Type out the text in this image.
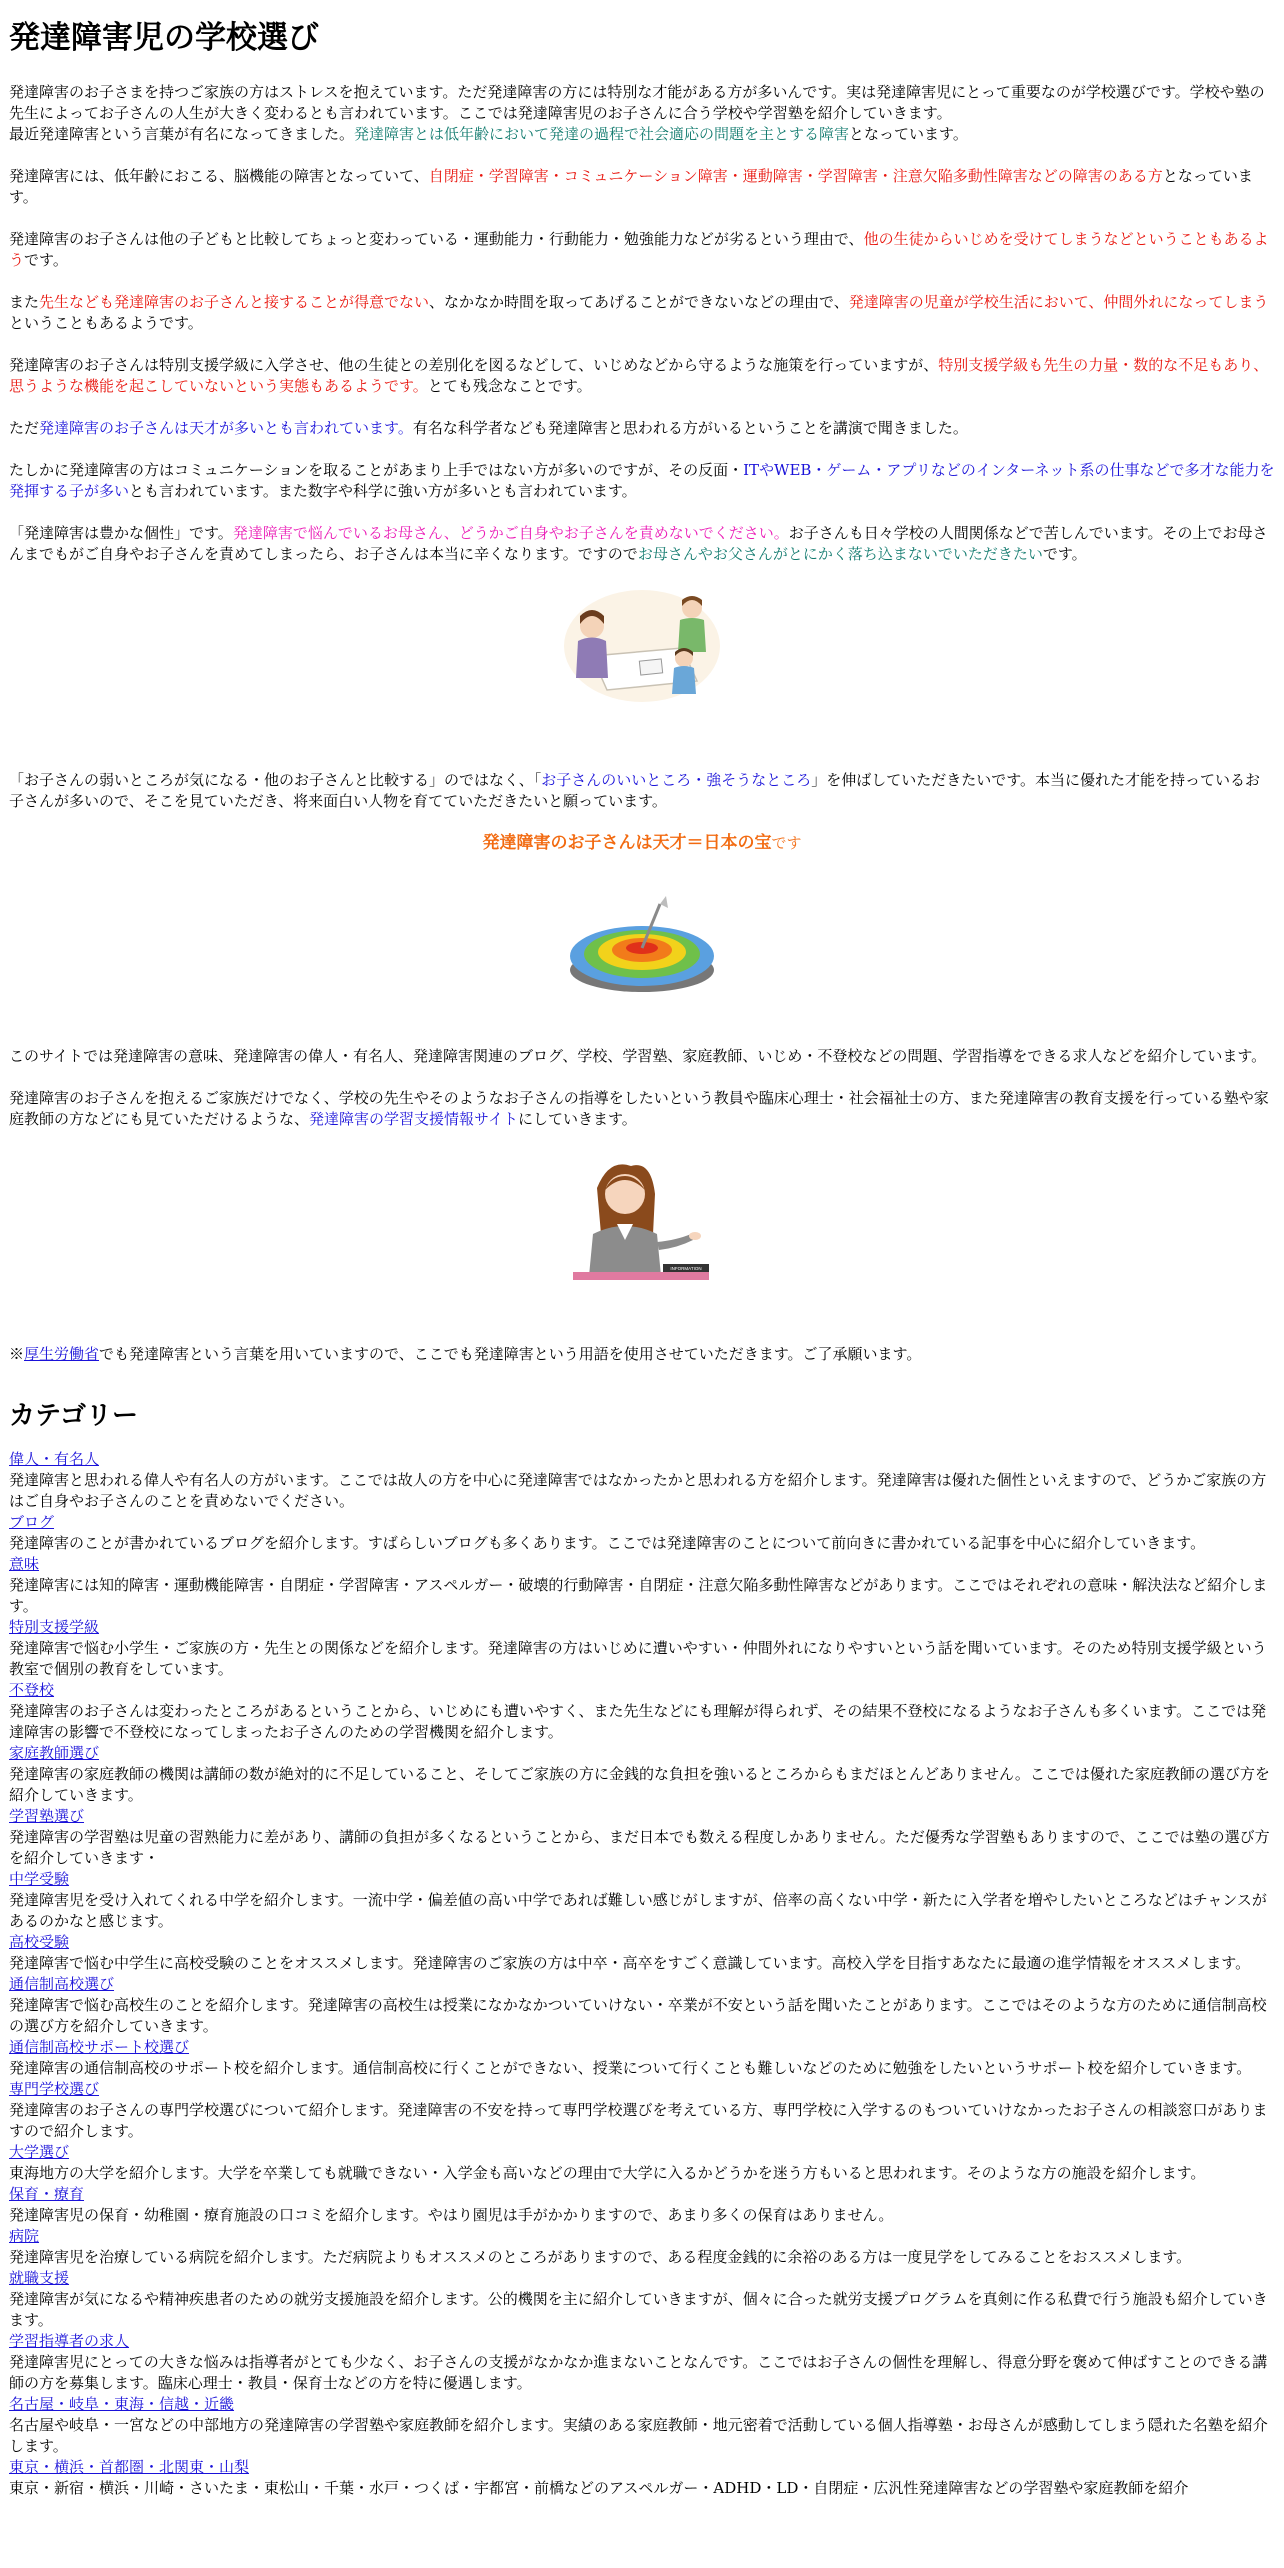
発達障害児の学校選び

発達障害のお子さまを持つご家族の方はストレスを抱えています。ただ発達障害の方には特別な才能がある方が多いんです。実は発達障害児にとって重要なのが学校選びです。学校や塾の先生によってお子さんの人生が大きく変わるとも言われています。ここでは発達障害児のお子さんに合う学校や学習塾を紹介していきます。
最近発達障害という言葉が有名になってきました。発達障害とは低年齢において発達の過程で社会適応の問題を主とする障害となっています。

発達障害には、低年齢におこる、脳機能の障害となっていて、自閉症・学習障害・コミュニケーション障害・運動障害・学習障害・注意欠陥多動性障害などの障害のある方となっています。

発達障害のお子さんは他の子どもと比較してちょっと変わっている・運動能力・行動能力・勉強能力などが劣るという理由で、他の生徒からいじめを受けてしまうなどということもあるようです。

また先生なども発達障害のお子さんと接することが得意でない、なかなか時間を取ってあげることができないなどの理由で、発達障害の児童が学校生活において、仲間外れになってしまうということもあるようです。

発達障害のお子さんは特別支援学級に入学させ、他の生徒との差別化を図るなどして、いじめなどから守るような施策を行っていますが、特別支援学級も先生の力量・数的な不足もあり、思うような機能を起こしていないという実態もあるようです。とても残念なことです。

ただ発達障害のお子さんは天才が多いとも言われています。有名な科学者なども発達障害と思われる方がいるということを講演で聞きました。

たしかに発達障害の方はコミュニケーションを取ることがあまり上手ではない方が多いのですが、その反面・ITやWEB・ゲーム・アプリなどのインターネット系の仕事などで多才な能力を発揮する子が多いとも言われています。また数字や科学に強い方が多いとも言われています。

「発達障害は豊かな個性」です。発達障害で悩んでいるお母さん、どうかご自身やお子さんを責めないでください。お子さんも日々学校の人間関係などで苦しんでいます。その上でお母さんまでもがご自身やお子さんを責めてしまったら、お子さんは本当に辛くなります。ですのでお母さんやお父さんがとにかく落ち込まないでいただきたいです。

「お子さんの弱いところが気になる・他のお子さんと比較する」のではなく、「お子さんのいいところ・強そうなところ」を伸ばしていただきたいです。本当に優れた才能を持っているお子さんが多いので、そこを見ていただき、将来面白い人物を育てていただきたいと願っています。

発達障害のお子さんは天才＝日本の宝です

このサイトでは発達障害の意味、発達障害の偉人・有名人、発達障害関連のブログ、学校、学習塾、家庭教師、いじめ・不登校などの問題、学習指導をできる求人などを紹介しています。

発達障害のお子さんを抱えるご家族だけでなく、学校の先生やそのようなお子さんの指導をしたいという教員や臨床心理士・社会福祉士の方、また発達障害の教育支援を行っている塾や家庭教師の方などにも見ていただけるような、発達障害の学習支援情報サイトにしていきます。

INFORMATION

※厚生労働省でも発達障害という言葉を用いていますので、ここでも発達障害という用語を使用させていただきます。ご了承願います。

カテゴリー
偉人・有名人
発達障害と思われる偉人や有名人の方がいます。ここでは故人の方を中心に発達障害ではなかったかと思われる方を紹介します。発達障害は優れた個性といえますので、どうかご家族の方はご自身やお子さんのことを責めないでください。
ブログ
発達障害のことが書かれているブログを紹介します。すばらしいブログも多くあります。ここでは発達障害のことについて前向きに書かれている記事を中心に紹介していきます。
意味
発達障害には知的障害・運動機能障害・自閉症・学習障害・アスペルガー・破壊的行動障害・自閉症・注意欠陥多動性障害などがあります。ここではそれぞれの意味・解決法など紹介します。
特別支援学級
発達障害で悩む小学生・ご家族の方・先生との関係などを紹介します。発達障害の方はいじめに遭いやすい・仲間外れになりやすいという話を聞いています。そのため特別支援学級という教室で個別の教育をしています。
不登校
発達障害のお子さんは変わったところがあるということから、いじめにも遭いやすく、また先生などにも理解が得られず、その結果不登校になるようなお子さんも多くいます。ここでは発達障害の影響で不登校になってしまったお子さんのための学習機関を紹介します。
家庭教師選び
発達障害の家庭教師の機関は講師の数が絶対的に不足していること、そしてご家族の方に金銭的な負担を強いるところからもまだほとんどありません。ここでは優れた家庭教師の選び方を紹介していきます。
学習塾選び
発達障害の学習塾は児童の習熟能力に差があり、講師の負担が多くなるということから、まだ日本でも数える程度しかありません。ただ優秀な学習塾もありますので、ここでは塾の選び方を紹介していきます・
中学受験
発達障害児を受け入れてくれる中学を紹介します。一流中学・偏差値の高い中学であれば難しい感じがしますが、倍率の高くない中学・新たに入学者を増やしたいところなどはチャンスがあるのかなと感じます。
高校受験
発達障害で悩む中学生に高校受験のことをオススメします。発達障害のご家族の方は中卒・高卒をすごく意識しています。高校入学を目指すあなたに最適の進学情報をオススメします。
通信制高校選び
発達障害で悩む高校生のことを紹介します。発達障害の高校生は授業になかなかついていけない・卒業が不安という話を聞いたことがあります。ここではそのような方のために通信制高校の選び方を紹介していきます。
通信制高校サポート校選び
発達障害の通信制高校のサポート校を紹介します。通信制高校に行くことができない、授業について行くことも難しいなどのために勉強をしたいというサポート校を紹介していきます。
専門学校選び
発達障害のお子さんの専門学校選びについて紹介します。発達障害の不安を持って専門学校選びを考えている方、専門学校に入学するのもついていけなかったお子さんの相談窓口がありますので紹介します。
大学選び
東海地方の大学を紹介します。大学を卒業しても就職できない・入学金も高いなどの理由で大学に入るかどうかを迷う方もいると思われます。そのような方の施設を紹介します。
保育・療育
発達障害児の保育・幼稚園・療育施設の口コミを紹介します。やはり園児は手がかかりますので、あまり多くの保育はありません。
病院
発達障害児を治療している病院を紹介します。ただ病院よりもオススメのところがありますので、ある程度金銭的に余裕のある方は一度見学をしてみることをおススメします。
就職支援
発達障害が気になるや精神疾患者のための就労支援施設を紹介します。公的機関を主に紹介していきますが、個々に合った就労支援プログラムを真剣に作る私費で行う施設も紹介していきます。
学習指導者の求人
発達障害児にとっての大きな悩みは指導者がとても少なく、お子さんの支援がなかなか進まないことなんです。ここではお子さんの個性を理解し、得意分野を褒めて伸ばすことのできる講師の方を募集します。臨床心理士・教員・保育士などの方を特に優遇します。
名古屋・岐阜・東海・信越・近畿
名古屋や岐阜・一宮などの中部地方の発達障害の学習塾や家庭教師を紹介します。実績のある家庭教師・地元密着で活動している個人指導塾・お母さんが感動してしまう隠れた名塾を紹介します。
東京・横浜・首都圏・北関東・山梨
東京・新宿・横浜・川崎・さいたま・東松山・千葉・水戸・つくば・宇都宮・前橋などのアスペルガー・ADHD・LD・自閉症・広汎性発達障害などの学習塾や家庭教師を紹介
